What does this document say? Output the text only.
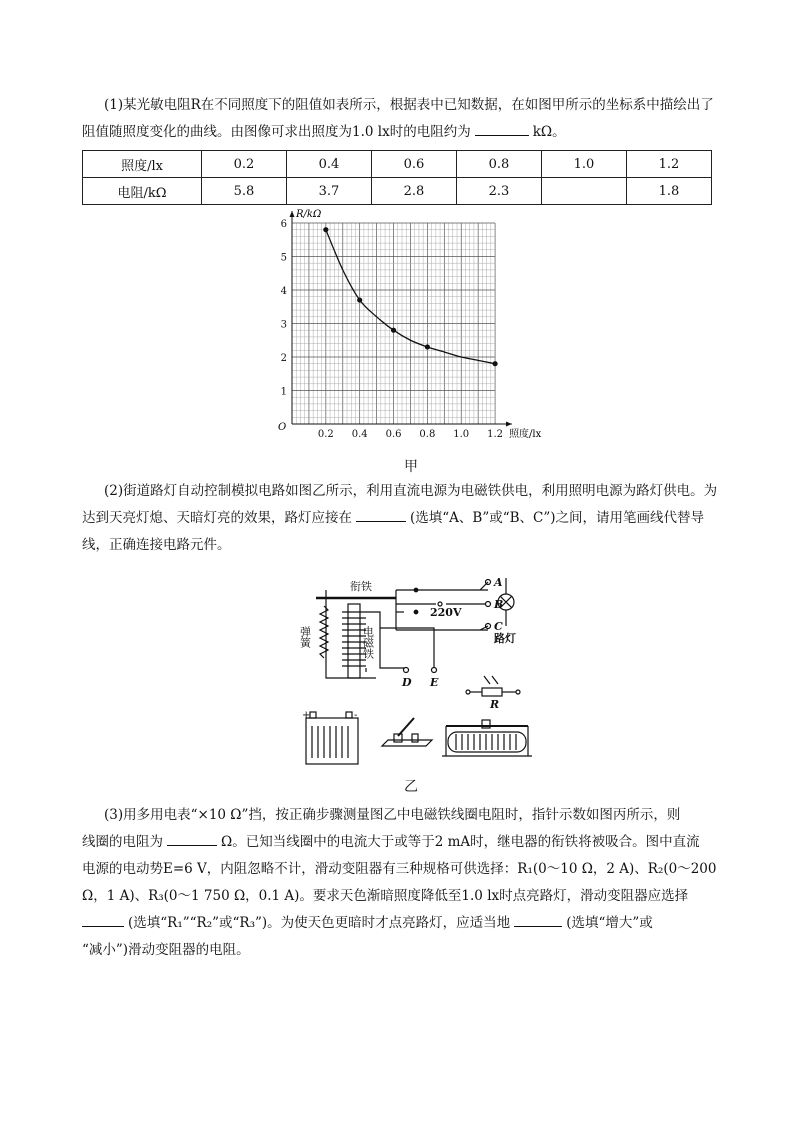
(1)某光敏电阻R在不同照度下的阻值如表所示，根据表中已知数据，在如图甲所示的坐标系中描绘出了阻值随照度变化的曲线。由图像可求出照度为1.0 lx时的电阻约为	kΩ。
照度/lx	0.2	0.4	0.6	0.8	1.0	1.2
电阻/kΩ	5.8	3.7	2.8	2.3		1.8
0.2 0.4 0.6 0.8 1.0 1.2
1
2
3
4
5
6
R/kΩ
照度/lx
O
甲
(2)街道路灯自动控制模拟电路如图乙所示，利用直流电源为电磁铁供电，利用照明电源为路灯供电。为达到天亮灯熄、天暗灯亮的效果，路灯应接在	(选填“A、B”或“B、C”)之间，请用笔画线代替导线，正确连接电路元件。
衔铁
弹簧	电磁铁
220V
A
B
C
路灯
D E
R
+	-
乙
(3)用多用电表“×10 Ω”挡，按正确步骤测量图乙中电磁铁线圈电阻时，指针示数如图丙所示，则
线圈的电阻为	Ω。已知当线圈中的电流大于或等于2 mA时，继电器的衔铁将被吸合。图中直流
电源的电动势E=6 V，内阻忽略不计，滑动变阻器有三种规格可供选择：R₁(0～10 Ω，2 A)、R₂(0～200
Ω，1 A)、R₃(0～1 750 Ω，0.1 A)。要求天色渐暗照度降低至1.0 lx时点亮路灯，滑动变阻器应选择
(选填“R₁”“R₂”或“R₃”)。为使天色更暗时才点亮路灯，应适当地	(选填“增大”或
“减小”)滑动变阻器的电阻。
